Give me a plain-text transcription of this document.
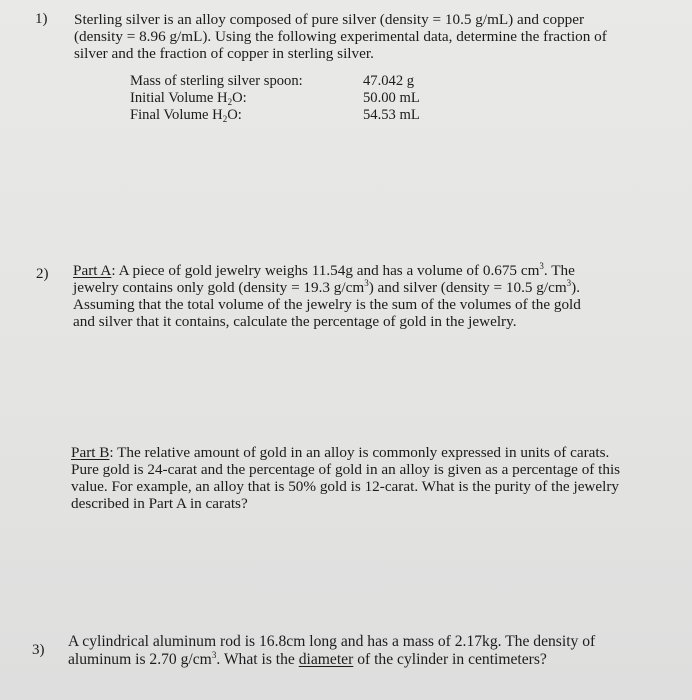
1) Sterling silver is an alloy composed of pure silver (density = 10.5 g/mL) and copper
(density = 8.96 g/mL). Using the following experimental data, determine the fraction of
silver and the fraction of copper in sterling silver.
Mass of sterling silver spoon:	47.042 g
Initial Volume $H_2O$:	50.00 mL
Final Volume $H_2O$:	54.53 mL
2) Part A: A piece of gold jewelry weighs 11.54g and has a volume of 0.675 $cm^3$. The
jewelry contains only gold (density = 19.3 $g/cm^3$) and silver (density = 10.5 $g/cm^3$).
Assuming that the total volume of the jewelry is the sum of the volumes of the gold
and silver that it contains, calculate the percentage of gold in the jewelry.
Part B: The relative amount of gold in an alloy is commonly expressed in units of carats.
Pure gold is 24-carat and the percentage of gold in an alloy is given as a percentage of this
value. For example, an alloy that is 50% gold is 12-carat. What is the purity of the jewelry
described in Part A in carats?
3) A cylindrical aluminum rod is 16.8cm long and has a mass of 2.17kg. The density of
aluminum is 2.70 $g/cm^3$. What is the diameter of the cylinder in centimeters?
